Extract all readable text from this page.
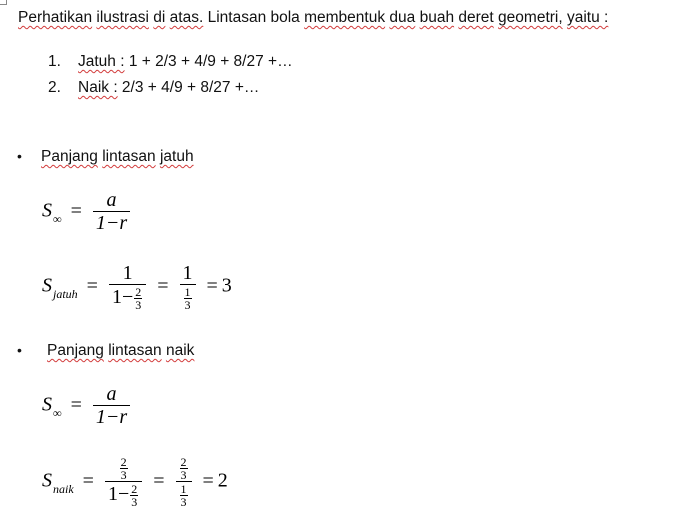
Perhatikan ilustrasi di atas. Lintasan bola membentuk dua buah deret geometri, yaitu :
1. Jatuh : 1 + 2/3 + 4/9 + 8/27 +…
2. Naik : 2/3 + 4/9 + 8/27 +…
• Panjang lintasan jatuh
$S_\infty = \frac{a}{1-r}$
$S_{jatuh} = \frac{1}{1- \frac{2}{3}} = \frac{1}{\frac{1}{3}} = 3$
• Panjang lintasan naik
$S_\infty = \frac{a}{1-r}$
$S_{naik} = \frac{\frac{2}{3}}{1- \frac{2}{3}} = \frac{\frac{2}{3}}{\frac{1}{3}} = 2$
